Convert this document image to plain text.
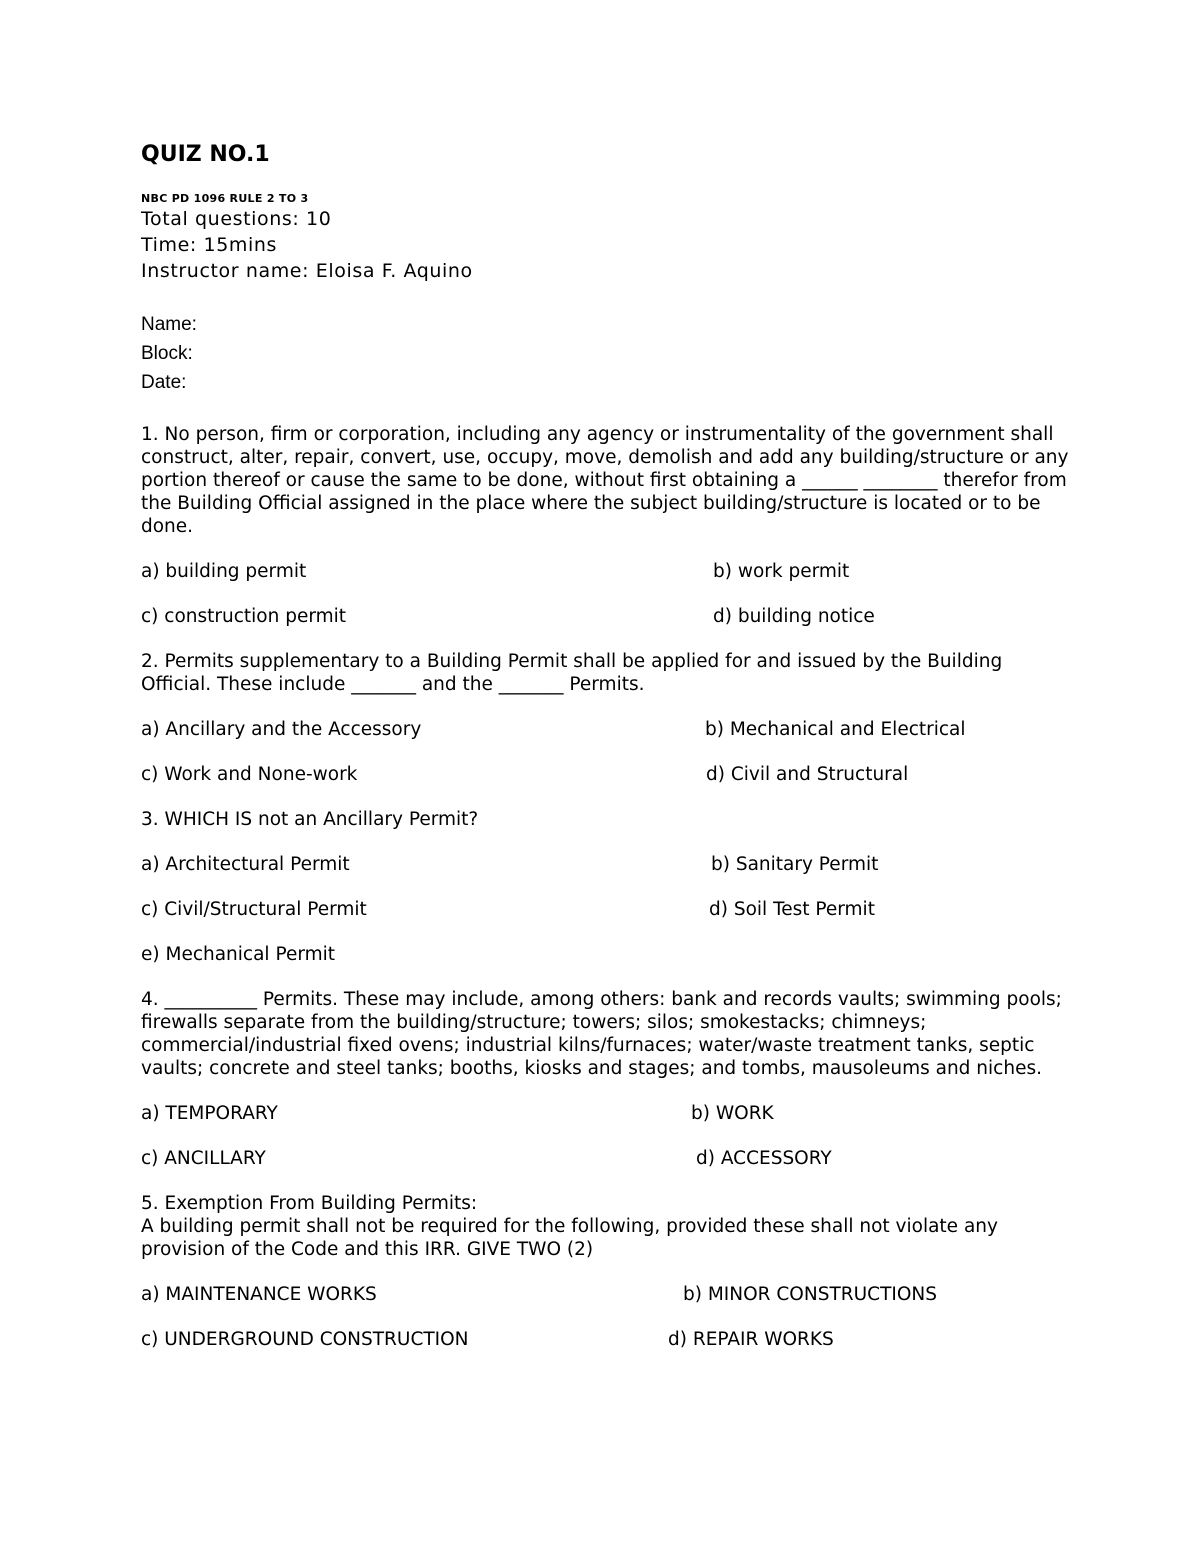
QUIZ NO.1
NBC PD 1096 RULE 2 TO 3
Total questions: 10
Time: 15mins
Instructor name: Eloisa F. Aquino
Name:
Block:
Date:

1. No person, firm or corporation, including any agency or instrumentality of the government shall construct, alter, repair, convert, use, occupy, move, demolish and add any building/structure or any portion thereof or cause the same to be done, without first obtaining a ______ ________ therefor from the Building Official assigned in the place where the subject building/structure is located or to be done.

a) building permit	b) work permit
c) construction permit	d) building notice

2. Permits supplementary to a Building Permit shall be applied for and issued by the Building Official. These include _______ and the _______ Permits.

a) Ancillary and the Accessory	b) Mechanical and Electrical
c) Work and None-work	d) Civil and Structural

3. WHICH IS not an Ancillary Permit?

a) Architectural Permit	b) Sanitary Permit
c) Civil/Structural Permit	d) Soil Test Permit
e) Mechanical Permit

4. __________ Permits. These may include, among others: bank and records vaults; swimming pools; firewalls separate from the building/structure; towers; silos; smokestacks; chimneys; commercial/industrial fixed ovens; industrial kilns/furnaces; water/waste treatment tanks, septic vaults; concrete and steel tanks; booths, kiosks and stages; and tombs, mausoleums and niches.

a) TEMPORARY	b) WORK
c) ANCILLARY	d) ACCESSORY

5. Exemption From Building Permits:

A building permit shall not be required for the following, provided these shall not violate any provision of the Code and this IRR. GIVE TWO (2)

a) MAINTENANCE WORKS	b) MINOR CONSTRUCTIONS
c) UNDERGROUND CONSTRUCTION	d) REPAIR WORKS
